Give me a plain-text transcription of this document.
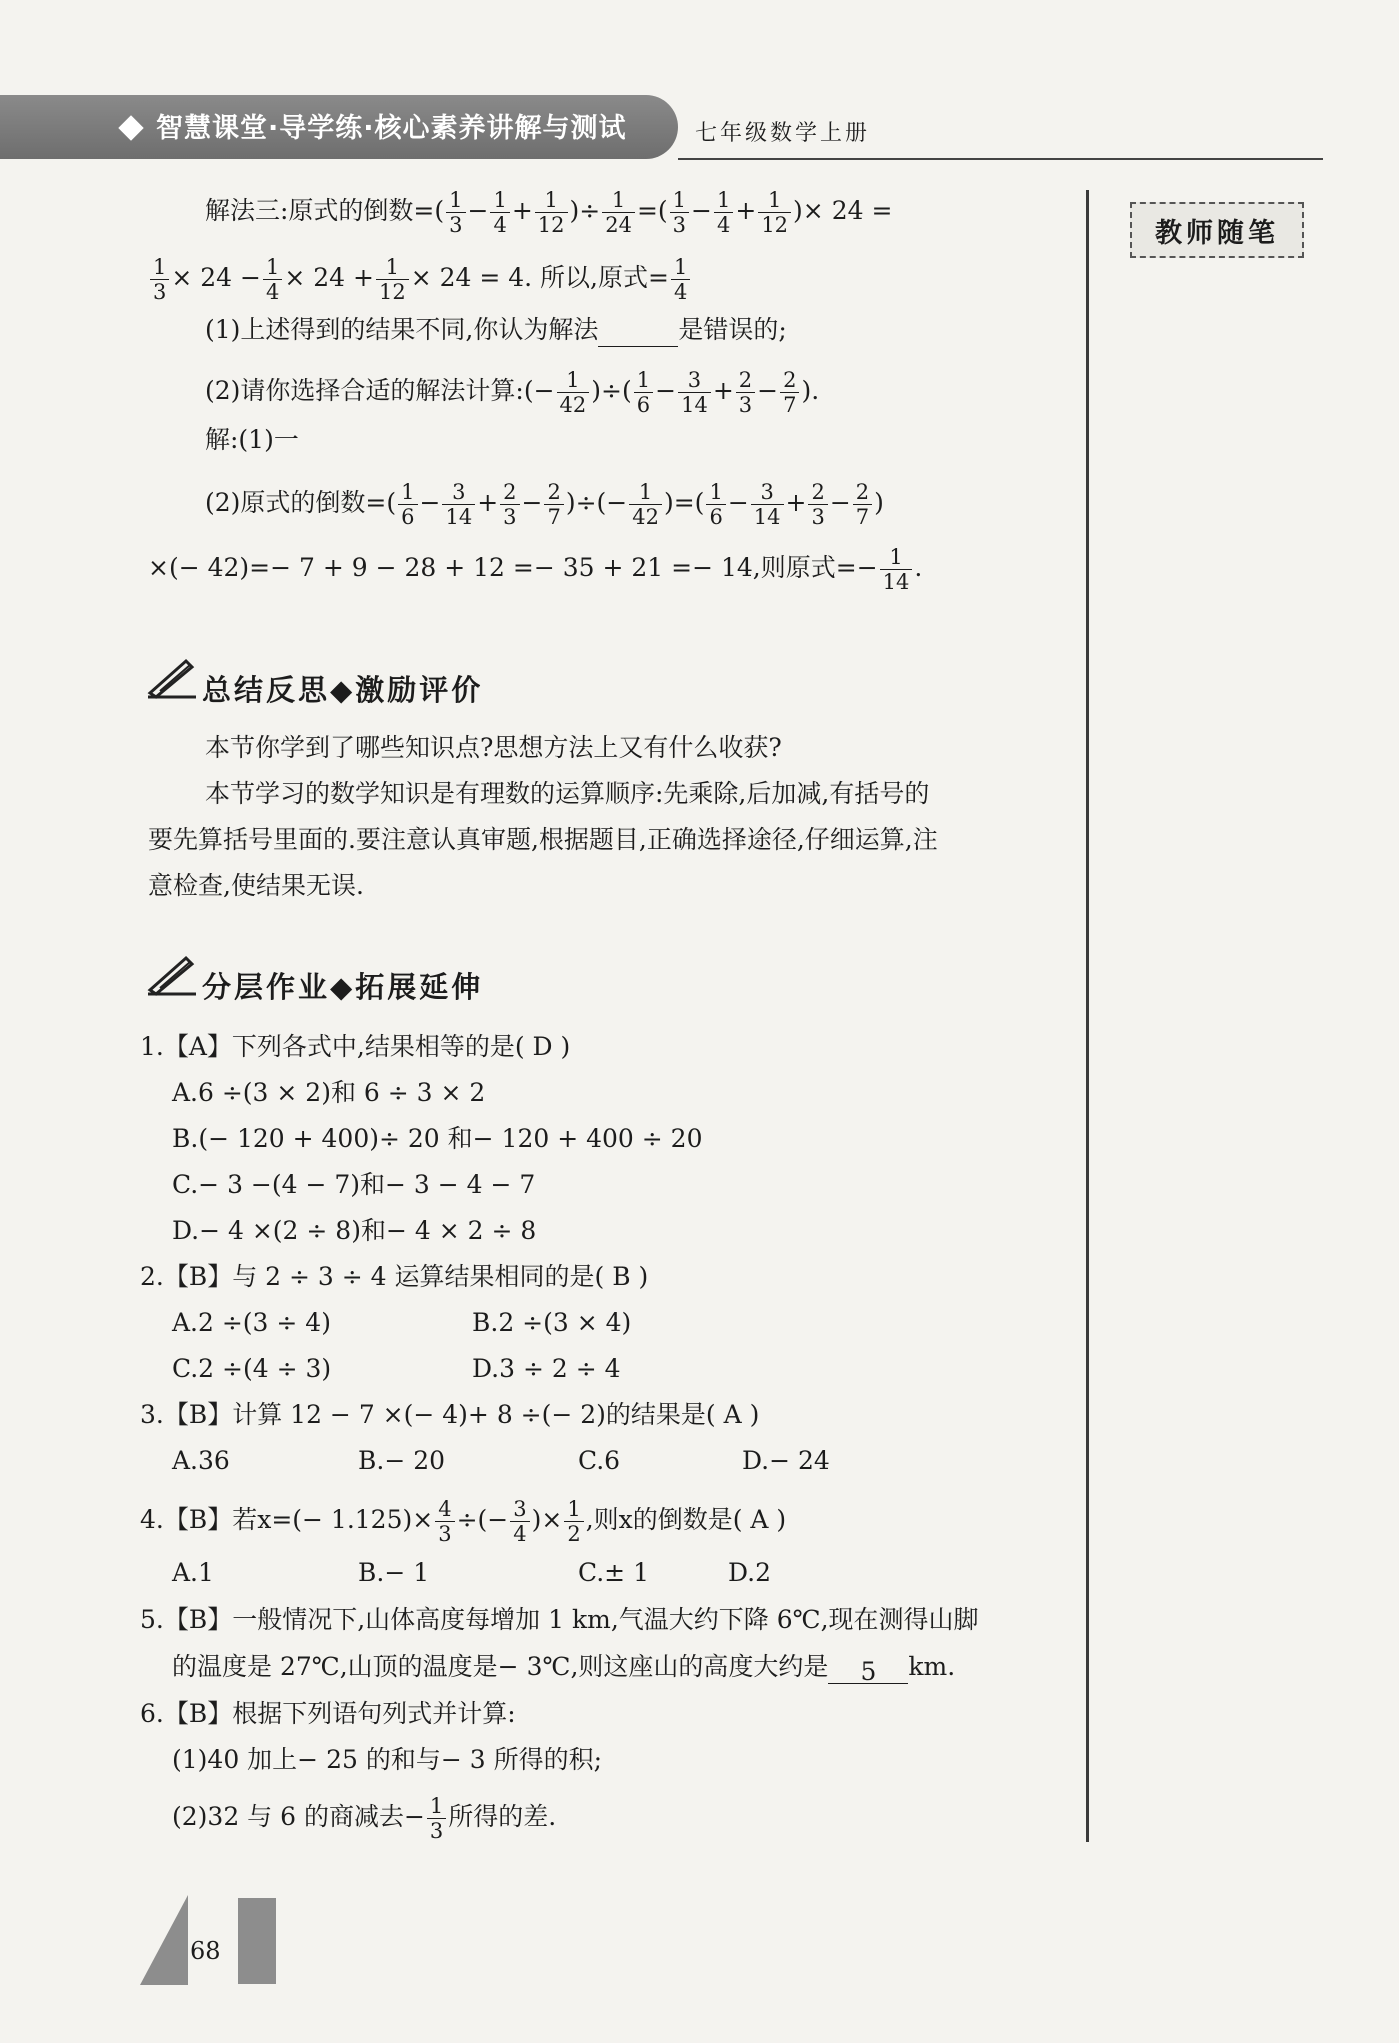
智慧课堂·导学练·核心素养讲解与测试	七年级数学上册
教师随笔
解法三:原式的倒数=( $\frac{1}{3} - \frac{1}{4} + \frac{1}{12}$ )÷ $\frac{1}{24}$ =( $\frac{1}{3} - \frac{1}{4} + \frac{1}{12}$ )× 24 =
$\frac{1}{3} \times 24 - \frac{1}{4} \times 24 + \frac{1}{12} \times 24 = 4$. 所以,原式= $\frac{1}{4}$
(1)上述得到的结果不同,你认为解法	是错误的;
(2)请你选择合适的解法计算:(− $\frac{1}{42}$ )÷( $\frac{1}{6} - \frac{3}{14} + \frac{2}{3} - \frac{2}{7}$ ).
解:(1)一
(2)原式的倒数=( $\frac{1}{6} - \frac{3}{14} + \frac{2}{3} - \frac{2}{7}$ )÷(− $\frac{1}{42}$ )=( $\frac{1}{6} - \frac{3}{14} + \frac{2}{3} - \frac{2}{7}$ )
×(− 42)=− 7 + 9 − 28 + 12 =− 35 + 21 =− 14,则原式=− $\frac{1}{14}$ .
总结反思◆激励评价
本节你学到了哪些知识点?思想方法上又有什么收获?
本节学习的数学知识是有理数的运算顺序:先乘除,后加减,有括号的
要先算括号里面的.要注意认真审题,根据题目,正确选择途径,仔细运算,注
意检查,使结果无误.
分层作业◆拓展延伸
1.【A】下列各式中,结果相等的是( D )
A.6 ÷(3 × 2)和 6 ÷ 3 × 2
B.(− 120 + 400)÷ 20 和− 120 + 400 ÷ 20
C.− 3 −(4 − 7)和− 3 − 4 − 7
D.− 4 ×(2 ÷ 8)和− 4 × 2 ÷ 8
2.【B】与 2 ÷ 3 ÷ 4 运算结果相同的是( B )
A.2 ÷(3 ÷ 4)	B.2 ÷(3 × 4)
C.2 ÷(4 ÷ 3)	D.3 ÷ 2 ÷ 4
3.【B】计算 12 − 7 ×(− 4)+ 8 ÷(− 2)的结果是( A )
A.36	B.− 20	C.6	D.− 24
4.【B】若$x=(- 1.125)\times \frac{4}{3}$ ÷(− $\frac{3}{4}$ )× $\frac{1}{2}$ ,则x的倒数是( A )
A.1	B.− 1	C.± 1	D.2
5.【B】一般情况下,山体高度每增加 1 km,气温大约下降 6℃,现在测得山脚
的温度是 27℃,山顶的温度是− 3℃,则这座山的高度大约是 5 km.
6.【B】根据下列语句列式并计算:
(1)40 加上− 25 的和与− 3 所得的积;
(2)32 与 6 的商减去− $\frac{1}{3}$ 所得的差.
68
